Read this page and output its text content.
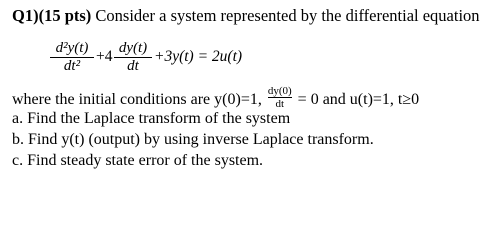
Q1)(15 pts) Consider a system represented by the differential equation
$\frac{\text{d²y(t)}}{\text{dt²}} +4 \frac{dy(t)}{dt} +3y(t) = 2u(t)$
where the initial conditions are y(0)=1, $\frac{dy(0)}{dt} = 0$ and u(t)=1, t≥0
a. Find the Laplace transform of the system
b. Find y(t) (output) by using inverse Laplace transform.
c. Find steady state error of the system.
